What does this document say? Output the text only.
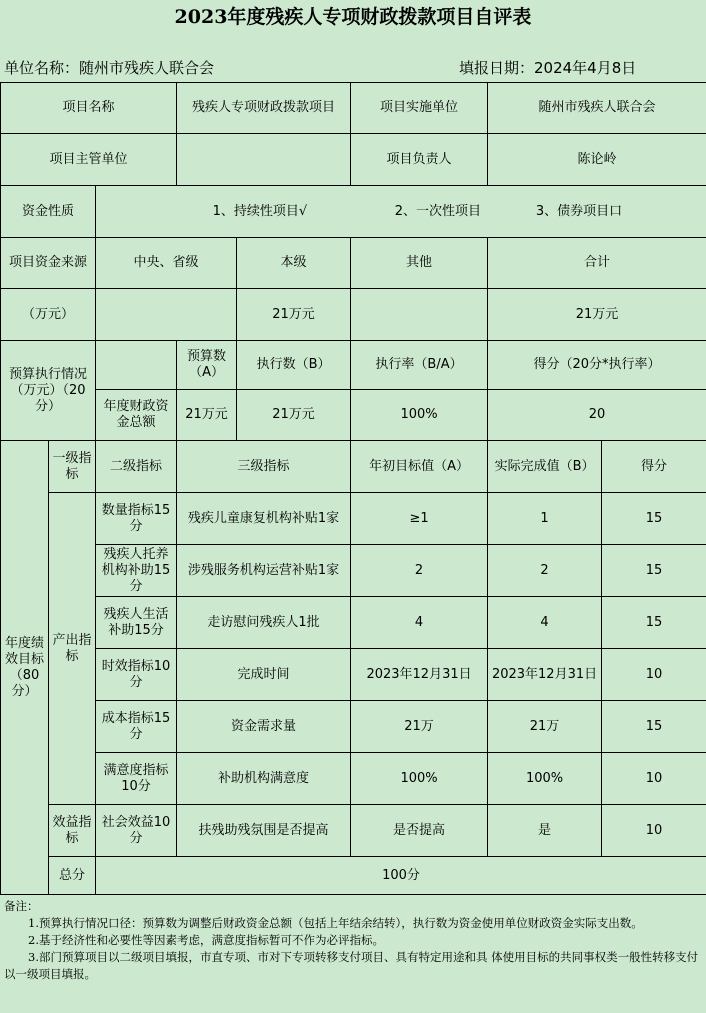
2023年度残疾人专项财政拨款项目自评表
单位名称：随州市残疾人联合会	填报日期：2024年4月8日
项目名称			残疾人专项财政拨款项目		项目实施单位	随州市残疾人联合会	
项目主管单位					项目负责人	陈论岭	
资金性质		1、持续性项目√ 2、一次性项目 3、债券项目口					
项目资金来源		中央、省级		本级	其他	合计	
（万元）				21万元		21万元	
预算执行情况（万元）（20分）			预算数（A）	执行数（B）	执行率（B/A）	得分（20分*执行率）	
		年度财政资金总额	21万元	21万元	100%	20	
年度绩效目标（80分）	一级指标	二级指标	三级指标		年初目标值（A）	实际完成值（B）	得分
	产出指标	数量指标15分	残疾儿童康复机构补贴1家		≥1	1	15
		残疾人托养机构补助15分	涉残服务机构运营补贴1家		2	2	15
		残疾人生活补助15分	走访慰问残疾人1批		4	4	15
		时效指标10分	完成时间		2023年12月31日	2023年12月31日	10
		成本指标15分	资金需求量		21万	21万	15
		满意度指标10分	补助机构满意度		100%	100%	10
	效益指标	社会效益10分	扶残助残氛围是否提高		是否提高	是	10
	总分	100分					
备注：
1.预算执行情况口径：预算数为调整后财政资金总额（包括上年结余结转），执行数为资金使用单位财政资金实际支出数。
2.基于经济性和必要性等因素考虑，满意度指标暂可不作为必评指标。
3.部门预算项目以二级项目填报，市直专项、市对下专项转移支付项目、具有特定用途和具 体使用目标的共同事权类一般性转移支付以一级项目填报。
